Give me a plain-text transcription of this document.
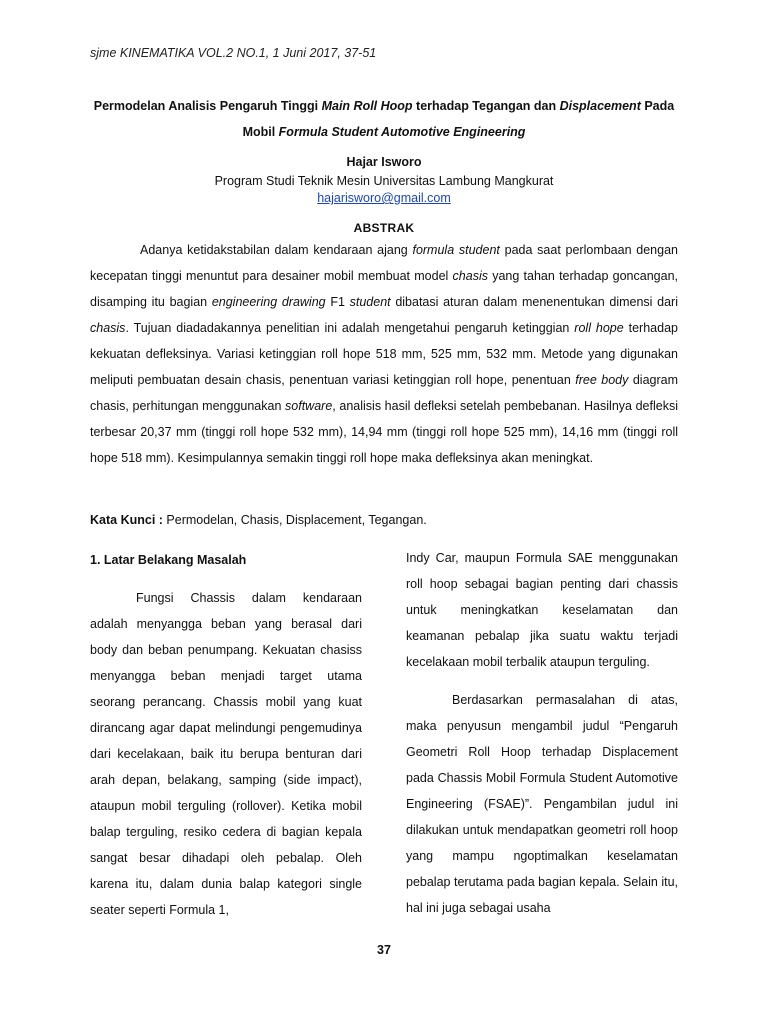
sjme KINEMATIKA VOL.2 NO.1, 1 Juni 2017, 37-51
Permodelan Analisis Pengaruh Tinggi Main Roll Hoop terhadap Tegangan dan Displacement Pada Mobil Formula Student Automotive Engineering
Hajar Isworo
Program Studi Teknik Mesin Universitas Lambung Mangkurat
hajarisworo@gmail.com
ABSTRAK

Adanya ketidakstabilan dalam kendaraan ajang formula student pada saat perlombaan dengan kecepatan tinggi menuntut para desainer mobil membuat model chasis yang tahan terhadap goncangan, disamping itu bagian engineering drawing F1 student dibatasi aturan dalam menenentukan dimensi dari chasis. Tujuan diadadakannya penelitian ini adalah mengetahui pengaruh ketinggian roll hope terhadap kekuatan defleksinya. Variasi ketinggian roll hope 518 mm, 525 mm, 532 mm. Metode yang digunakan meliputi pembuatan desain chasis, penentuan variasi ketinggian roll hope, penentuan free body diagram chasis, perhitungan menggunakan software, analisis hasil defleksi setelah pembebanan. Hasilnya defleksi terbesar 20,37 mm (tinggi roll hope 532 mm), 14,94 mm (tinggi roll hope 525 mm), 14,16 mm (tinggi roll hope 518 mm). Kesimpulannya semakin tinggi roll hope maka defleksinya akan meningkat.

Kata Kunci : Permodelan, Chasis, Displacement, Tegangan.

1. Latar Belakang Masalah

Fungsi Chassis dalam kendaraan adalah menyangga beban yang berasal dari body dan beban penumpang. Kekuatan chasiss menyangga beban menjadi target utama seorang perancang. Chassis mobil yang kuat dirancang agar dapat melindungi pengemudinya dari kecelakaan, baik itu berupa benturan dari arah depan, belakang, samping (side impact), ataupun mobil terguling (rollover). Ketika mobil balap terguling, resiko cedera di bagian kepala sangat besar dihadapi oleh pebalap. Oleh karena itu, dalam dunia balap kategori single seater seperti Formula 1,

Indy Car, maupun Formula SAE menggunakan roll hoop sebagai bagian penting dari chassis untuk meningkatkan keselamatan dan keamanan pebalap jika suatu waktu terjadi kecelakaan mobil terbalik ataupun terguling.

Berdasarkan permasalahan di atas, maka penyusun mengambil judul “Pengaruh Geometri Roll Hoop terhadap Displacement pada Chassis Mobil Formula Student Automotive Engineering (FSAE)”. Pengambilan judul ini dilakukan untuk mendapatkan geometri roll hoop yang mampu ngoptimalkan keselamatan pebalap terutama pada bagian kepala. Selain itu, hal ini juga sebagai usaha

37
